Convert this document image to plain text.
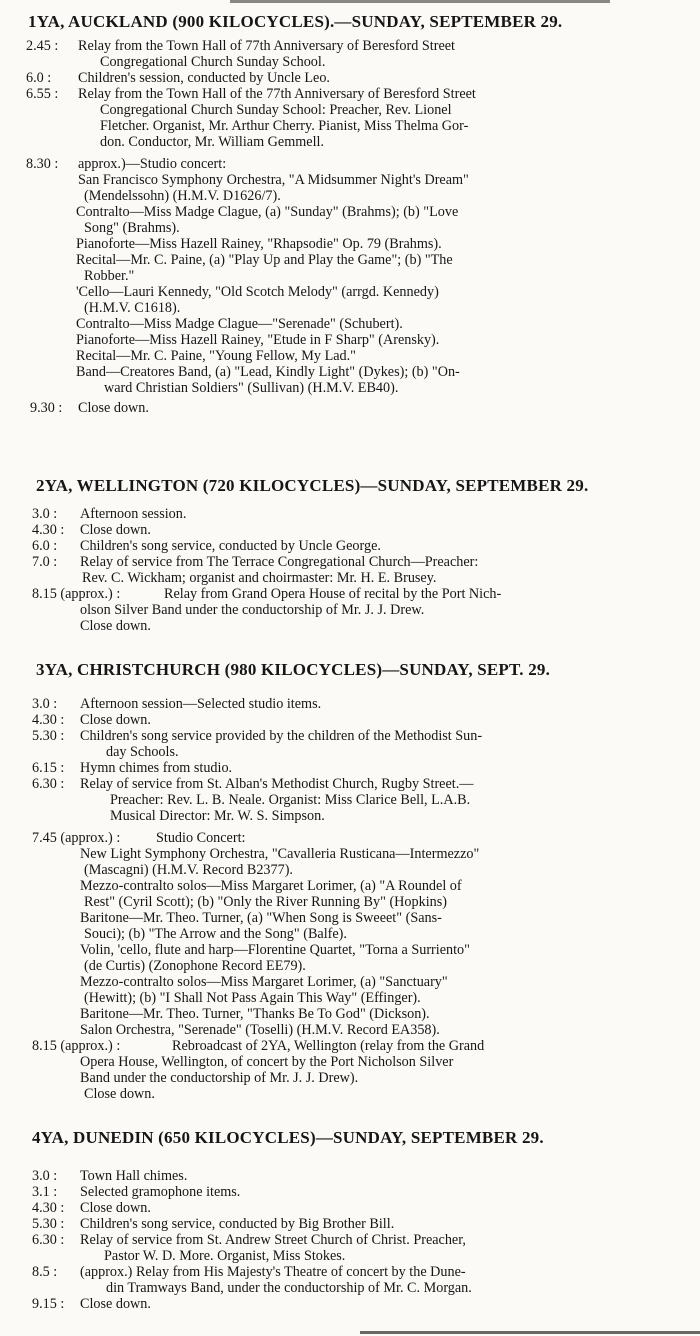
1YA, AUCKLAND (900 KILOCYCLES).—SUNDAY, SEPTEMBER 29.
2.45 : Relay from the Town Hall of 77th Anniversary of Beresford Street
Congregational Church Sunday School.
6.0 : Children's session, conducted by Uncle Leo.
6.55 : Relay from the Town Hall of the 77th Anniversary of Beresford Street
Congregational Church Sunday School: Preacher, Rev. Lionel
Fletcher. Organist, Mr. Arthur Cherry. Pianist, Miss Thelma Gor-
don. Conductor, Mr. William Gemmell.
8.30 : approx.)—Studio concert:
San Francisco Symphony Orchestra, "A Midsummer Night's Dream"
(Mendelssohn) (H.M.V. D1626/7).
Contralto—Miss Madge Clague, (a) "Sunday" (Brahms); (b) "Love
Song" (Brahms).
Pianoforte—Miss Hazell Rainey, "Rhapsodie" Op. 79 (Brahms).
Recital—Mr. C. Paine, (a) "Play Up and Play the Game"; (b) "The
Robber."
'Cello—Lauri Kennedy, "Old Scotch Melody" (arrgd. Kennedy)
(H.M.V. C1618).
Contralto—Miss Madge Clague—"Serenade" (Schubert).
Pianoforte—Miss Hazell Rainey, "Etude in F Sharp" (Arensky).
Recital—Mr. C. Paine, "Young Fellow, My Lad."
Band—Creatores Band, (a) "Lead, Kindly Light" (Dykes); (b) "On-
ward Christian Soldiers" (Sullivan) (H.M.V. EB40).
9.30 : Close down.
2YA, WELLINGTON (720 KILOCYCLES)—SUNDAY, SEPTEMBER 29.
3.0 : Afternoon session.
4.30 : Close down.
6.0 : Children's song service, conducted by Uncle George.
7.0 : Relay of service from The Terrace Congregational Church—Preacher:
Rev. C. Wickham; organist and choirmaster: Mr. H. E. Brusey.
8.15 (approx.) :	Relay from Grand Opera House of recital by the Port Nich-
olson Silver Band under the conductorship of Mr. J. J. Drew.
Close down.
3YA, CHRISTCHURCH (980 KILOCYCLES)—SUNDAY, SEPT. 29.
3.0 : Afternoon session—Selected studio items.
4.30 : Close down.
5.30 : Children's song service provided by the children of the Methodist Sun-
day Schools.
6.15 : Hymn chimes from studio.
6.30 : Relay of service from St. Alban's Methodist Church, Rugby Street.—
Preacher: Rev. L. B. Neale. Organist: Miss Clarice Bell, L.A.B.
Musical Director: Mr. W. S. Simpson.
7.45 (approx.) :	Studio Concert:
New Light Symphony Orchestra, "Cavalleria Rusticana—Intermezzo"
(Mascagni) (H.M.V. Record B2377).
Mezzo-contralto solos—Miss Margaret Lorimer, (a) "A Roundel of
Rest" (Cyril Scott); (b) "Only the River Running By" (Hopkins)
Baritone—Mr. Theo. Turner, (a) "When Song is Sweeet" (Sans-
Souci); (b) "The Arrow and the Song" (Balfe).
Volin, 'cello, flute and harp—Florentine Quartet, "Torna a Surriento"
(de Curtis) (Zonophone Record EE79).
Mezzo-contralto solos—Miss Margaret Lorimer, (a) "Sanctuary"
(Hewitt); (b) "I Shall Not Pass Again This Way" (Effinger).
Baritone—Mr. Theo. Turner, "Thanks Be To God" (Dickson).
Salon Orchestra, "Serenade" (Toselli) (H.M.V. Record EA358).
8.15 (approx.) :	Rebroadcast of 2YA, Wellington (relay from the Grand
Opera House, Wellington, of concert by the Port Nicholson Silver
Band under the conductorship of Mr. J. J. Drew).
Close down.
4YA, DUNEDIN (650 KILOCYCLES)—SUNDAY, SEPTEMBER 29.
3.0 : Town Hall chimes.
3.1 : Selected gramophone items.
4.30 : Close down.
5.30 : Children's song service, conducted by Big Brother Bill.
6.30 : Relay of service from St. Andrew Street Church of Christ. Preacher,
Pastor W. D. More. Organist, Miss Stokes.
8.5 : (approx.) Relay from His Majesty's Theatre of concert by the Dune-
din Tramways Band, under the conductorship of Mr. C. Morgan.
9.15 : Close down.
